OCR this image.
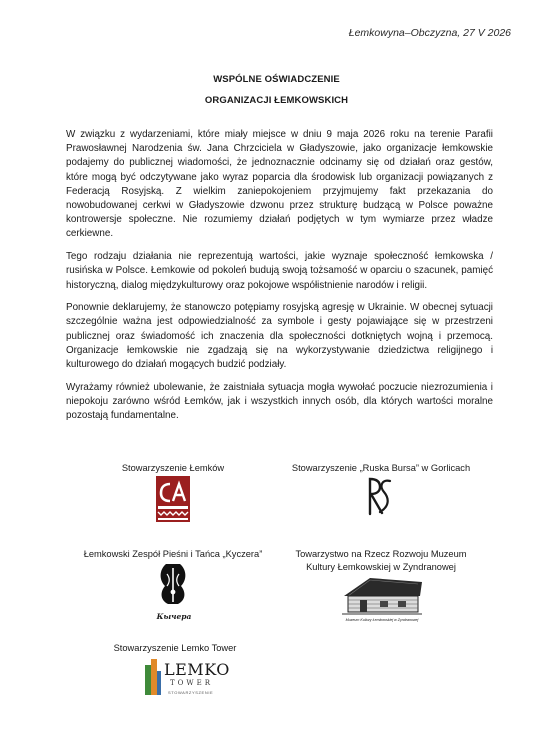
Łemkowyna–Obczyzna, 27 V 2026
WSPÓLNE OŚWIADCZENIE
ORGANIZACJI ŁEMKOWSKICH

W związku z wydarzeniami, które miały miejsce w dniu 9 maja 2026 roku na terenie Parafii Prawosławnej Narodzenia św. Jana Chrzciciela w Gładyszowie, jako organizacje łemkowskie podajemy do publicznej wiadomości, że jednoznacznie odcinamy się od działań oraz gestów, które mogą być odczytywane jako wyraz poparcia dla środowisk lub organizacji powiązanych z Federacją Rosyjską. Z wielkim zaniepokojeniem przyjmujemy fakt przekazania do nowobudowanej cerkwi w Gładyszowie dzwonu przez strukturę budzącą w Polsce poważne kontrowersje społeczne. Nie rozumiemy działań podjętych w tym wymiarze przez władze cerkiewne.

Tego rodzaju działania nie reprezentują wartości, jakie wyznaje społeczność łemkowska / rusińska w Polsce. Łemkowie od pokoleń budują swoją tożsamość w oparciu o szacunek, pamięć historyczną, dialog międzykulturowy oraz pokojowe współistnienie narodów i religii.

Ponownie deklarujemy, że stanowczo potępiamy rosyjską agresję w Ukrainie. W obecnej sytuacji szczególnie ważna jest odpowiedzialność za symbole i gesty pojawiające się w przestrzeni publicznej oraz świadomość ich znaczenia dla społeczności dotkniętych wojną i przemocą. Organizacje łemkowskie nie zgadzają się na wykorzystywanie dziedzictwa religijnego i kulturowego do działań mogących budzić podziały.

Wyrażamy również ubolewanie, że zaistniała sytuacja mogła wywołać poczucie niezrozumienia i niepokoju zarówno wśród Łemków, jak i wszystkich innych osób, dla których wartości moralne pozostają fundamentalne.

Stowarzyszenie Łemków	Stowarzyszenie „Ruska Bursa” w Gorlicach
Łemkowski Zespół Pieśni i Tańca „Kyczera”
Кычера
Towarzystwo na Rzecz Rozwoju Muzeum
Kultury Łemkowskiej w Zyndranowej
Muzeum Kultury Łemkowskiej w Zyndranowej
Stowarzyszenie Lemko Tower
LEMKO
TOWER
STOWARZYSZENIE
